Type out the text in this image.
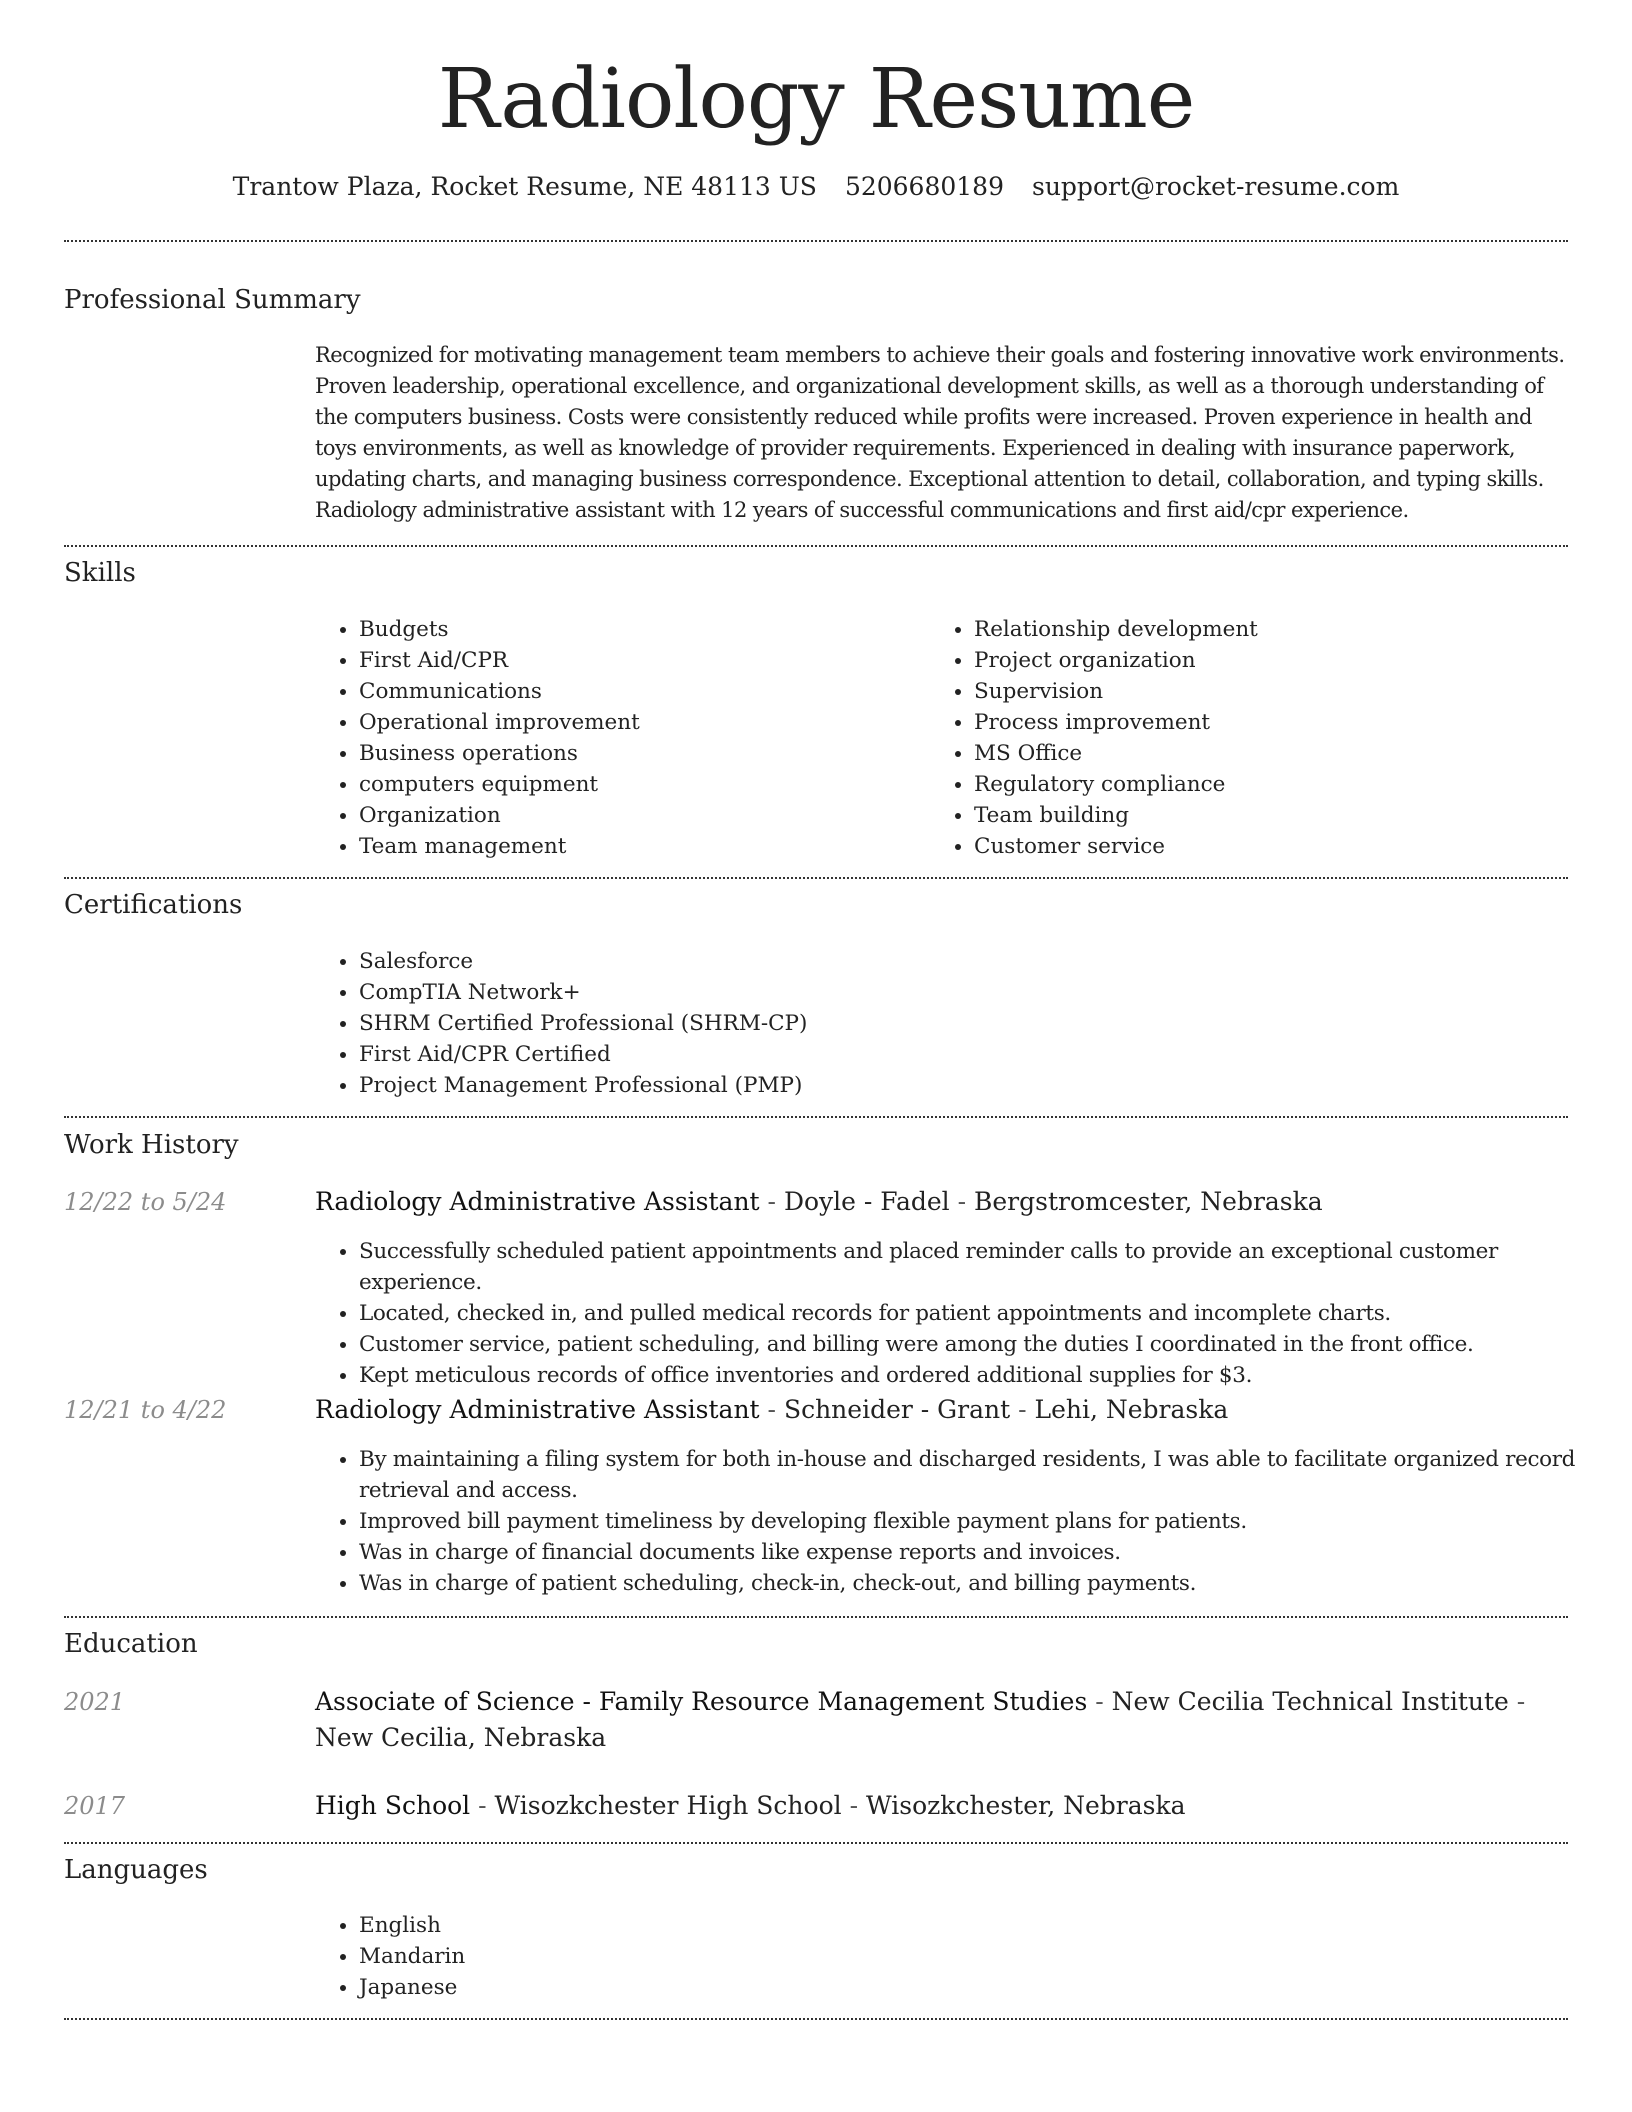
Radiology Resume
Trantow Plaza, Rocket Resume, NE 48113 US 5206680189 support@rocket-resume.com
Professional Summary

Recognized for motivating management team members to achieve their goals and fostering innovative work environments. Proven leadership, operational excellence, and organizational development skills, as well as a thorough understanding of the computers business. Costs were consistently reduced while profits were increased. Proven experience in health and toys environments, as well as knowledge of provider requirements. Experienced in dealing with insurance paperwork, updating charts, and managing business correspondence. Exceptional attention to detail, collaboration, and typing skills. Radiology administrative assistant with 12 years of successful communications and first aid/cpr experience.

Skills
• Budgets
• First Aid/CPR
• Communications
• Operational improvement
• Business operations
• computers equipment
• Organization
• Team management
• Relationship development
• Project organization
• Supervision
• Process improvement
• MS Office
• Regulatory compliance
• Team building
• Customer service
Certifications
• Salesforce
• CompTIA Network+
• SHRM Certified Professional (SHRM-CP)
• First Aid/CPR Certified
• Project Management Professional (PMP)
Work History
12/22 to 5/24	Radiology Administrative Assistant - Doyle - Fadel - Bergstromcester, Nebraska

• Successfully scheduled patient appointments and placed reminder calls to provide an exceptional customer experience.
• Located, checked in, and pulled medical records for patient appointments and incomplete charts.
• Customer service, patient scheduling, and billing were among the duties I coordinated in the front office.
• Kept meticulous records of office inventories and ordered additional supplies for $3.
12/21 to 4/22	Radiology Administrative Assistant - Schneider - Grant - Lehi, Nebraska

• By maintaining a filing system for both in-house and discharged residents, I was able to facilitate organized record retrieval and access.
• Improved bill payment timeliness by developing flexible payment plans for patients.
• Was in charge of financial documents like expense reports and invoices.
• Was in charge of patient scheduling, check-in, check-out, and billing payments.
Education
2021	Associate of Science - Family Resource Management Studies - New Cecilia Technical Institute - New Cecilia, Nebraska

2017	High School - Wisozkchester High School - Wisozkchester, Nebraska

Languages
• English
• Mandarin
• Japanese
